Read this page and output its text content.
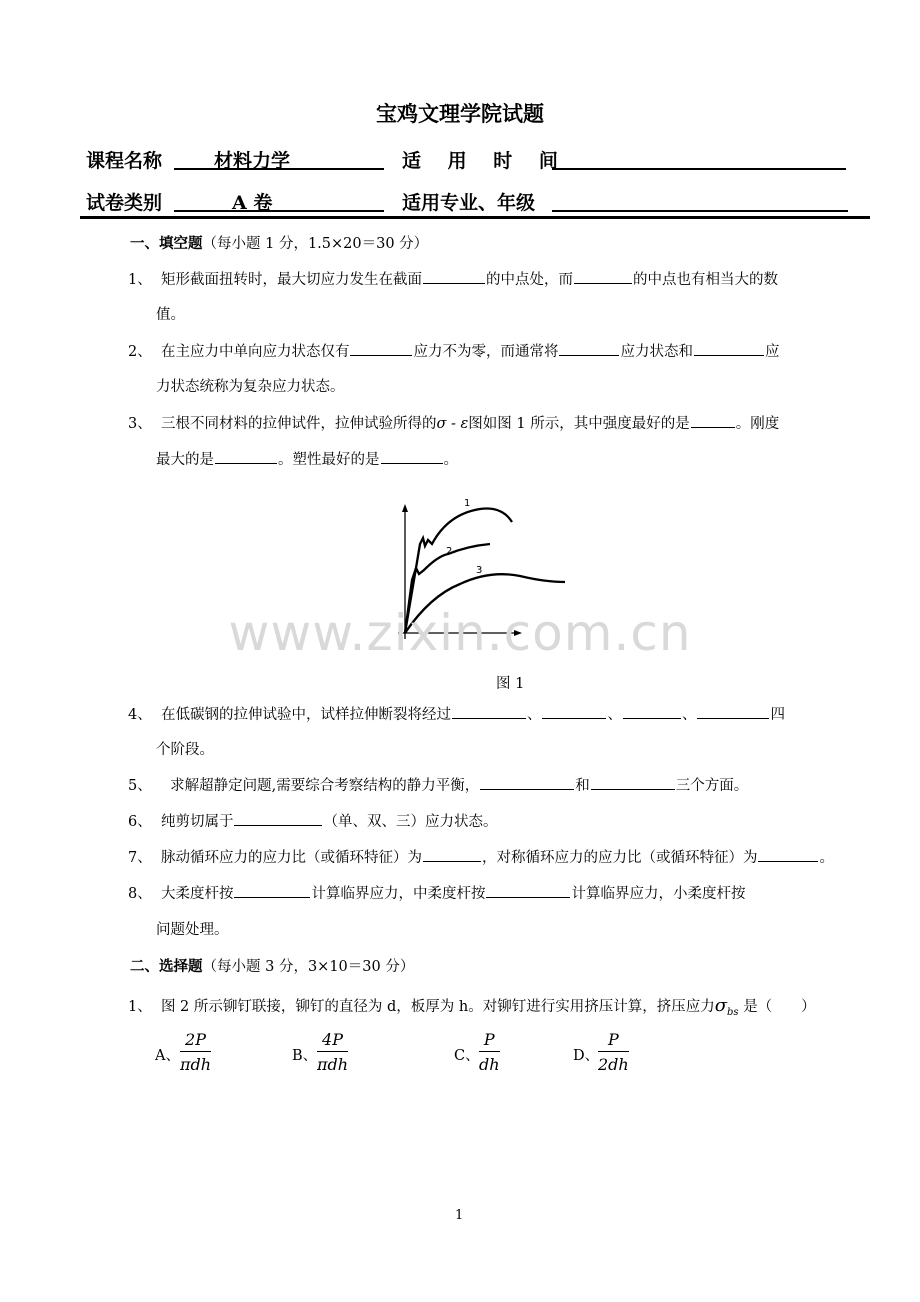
宝鸡文理学院试题
课程名称	材料力学	适 用 时 间
试卷类别	A 卷	适用专业、年级
一、填空题（每小题 1 分，1.5×20＝30 分）
1、 矩形截面扭转时，最大切应力发生在截面	的中点处，而	的中点也有相当大的数
值。
2、 在主应力中单向应力状态仅有	应力不为零，而通常将	应力状态和	应
力状态统称为复杂应力状态。
3、 三根不同材料的拉伸试件，拉伸试验所得的σ - ε图如图 1 所示，其中强度最好的是	。刚度
最大的是	。塑性最好的是	。
1
2
3
www.zixin.com.cn
图 1
4、 在低碳钢的拉伸试验中，试样拉伸断裂将经过	、	、	、	四
个阶段。
5、 求解超静定问题,需要综合考察结构的静力平衡，	和	三个方面。
6、 纯剪切属于	（单、双、三）应力状态。
7、 脉动循环应力的应力比（或循环特征）为	，对称循环应力的应力比（或循环特征）为	。
8、 大柔度杆按	计算临界应力，中柔度杆按	计算临界应力，小柔度杆按
问题处理。
二、选择题（每小题 3 分，3×10＝30 分）
1、 图 2 所示铆钉联接，铆钉的直径为 d，板厚为 h。对铆钉进行实用挤压计算，挤压应力$\sigma_{bs}$ 是（　　）
A、
2P
πdh	B、
4P
πdh	C、 $\frac{P}{dh}$	D、
$\frac{P}{2dh}$
1
